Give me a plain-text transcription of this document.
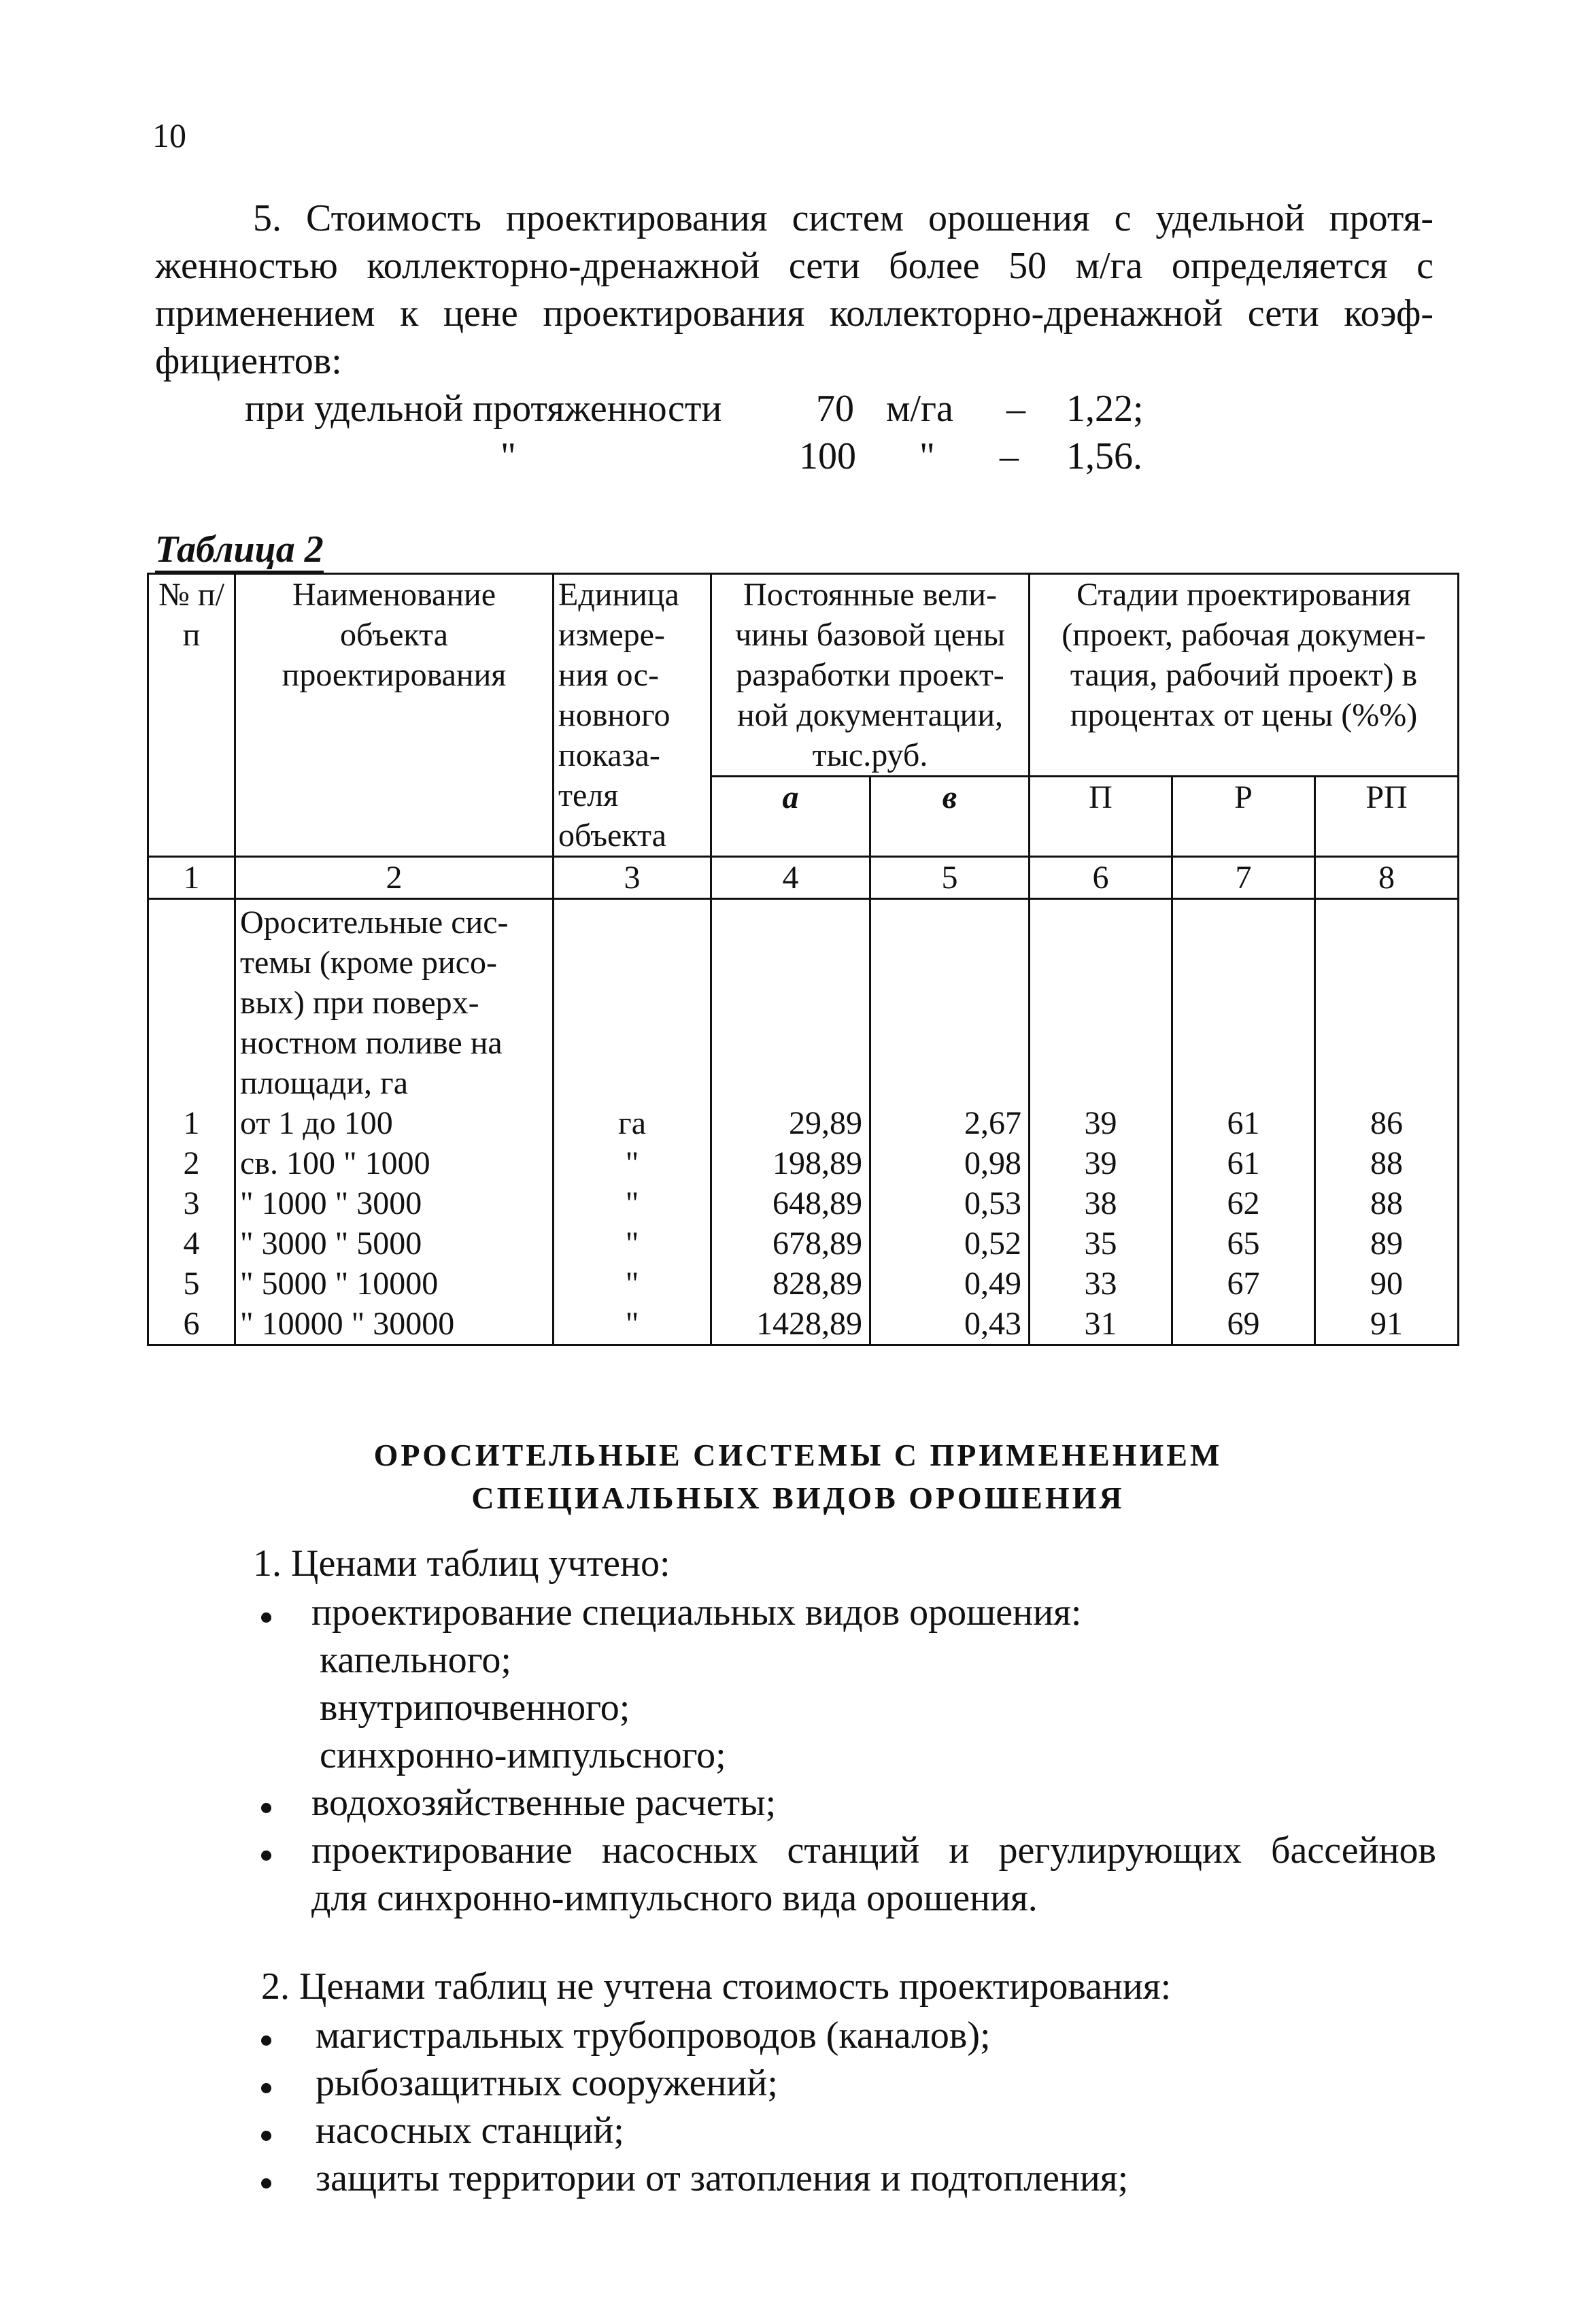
10
5. Стоимость проектирования систем орошения с удельной протя-
женностью коллекторно-дренажной сети более 50 м/га определяется с
применением к цене проектирования коллекторно-дренажной сети коэф-
фициентов:
при удельной протяженности 70 м/га – 1,22;
"	100 " – 1,56.
Таблица 2
№ п/п	Наименование объекта проектирования	Единица измере- ния ос- новного показа- теля объекта	Постоянные вели- чины базовой цены разработки проект- ной документации, тыс.руб.		Стадии проектирования (проект, рабочая докумен- тация, рабочий проект) в процентах от цены (%%)		
			а	в	П	Р	РП
1	2	3	4	5	6	7	8
	Оросительные сис- темы (кроме рисо- вых) при поверх- ностном поливе на площади, га						
1	от 1 до 100	га	29,89	2,67	39	61	86
2	св. 100 " 1000	"	198,89	0,98	39	61	88
3	" 1000 " 3000	"	648,89	0,53	38	62	88
4	" 3000 " 5000	"	678,89	0,52	35	65	89
5	" 5000 " 10000	"	828,89	0,49	33	67	90
6	" 10000 " 30000	"	1428,89	0,43	31	69	91
ОРОСИТЕЛЬНЫЕ СИСТЕМЫ С ПРИМЕНЕНИЕМ
СПЕЦИАЛЬНЫХ ВИДОВ ОРОШЕНИЯ
1. Ценами таблиц учтено:
проектирование специальных видов орошения:
капельного;
внутрипочвенного;
синхронно-импульсного;
водохозяйственные расчеты;
проектирование насосных станций и регулирующих бассейнов
для синхронно-импульсного вида орошения.
2. Ценами таблиц не учтена стоимость проектирования:
магистральных трубопроводов (каналов);
рыбозащитных сооружений;
насосных станций;
защиты территории от затопления и подтопления;
